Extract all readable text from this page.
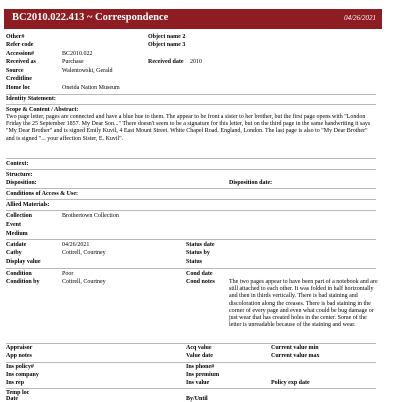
BC2010.022.413 ~ Correspondence	04/26/2021
Other#
Refer code
Accession#	BC2010.022
Received as	Purchase
Source	Walentowski, Gerald
Creditline
Home loc	Oneida Nation Museum
Object name 2
Object name 3
Received date 2010
Identity Statement:
Scope & Content / Abstract:
Two page letter, pages are connected and have a blue hue to them. The appear to be front a sister to her brother, but the first page opens with "London Friday the 25 September 1857. My Dear Son..." There doesn't seem to be a signature for this letter, but on the third page in the same handwriting it says "My Dear Brother" and is signed Emily Kuvil, 4 East Mount Street. White Chapel Road. England, London. The last page is also to "My Dear Brother" and is signed "... your affection Sister, E. Kuvil".
Context:
Structure:
Disposition:	Disposition date:
Conditions of Access & Use:
Allied Materials:
Collection	Brothertown Collection
Event
Medium
Catdate	04/26/2021
Catby	Cottrell, Courtney
Display value
Status date
Status by
Status
Condition	Poor
Condition by	Cottrell, Courtney
Cond date
Cond notes The two pages appear to have been part of a notebook and are still attached to each other. It was folded in half horizontally and then in thirds vertically. There is bad staining and discoloration along the creases. There is bad staining in the corner of every page and even what could be bug damage or just wear that has created holes in the center. Some of the letter is unreadable because of the staining and wear.
Appraisor
App notes
Acq value
Value date
Current value min
Current value max
Ins policy#
Ins company
Ins rep
Ins phone#
Ins premium
Ins value	Policy exp date
Temp loc
Date	By/Until
